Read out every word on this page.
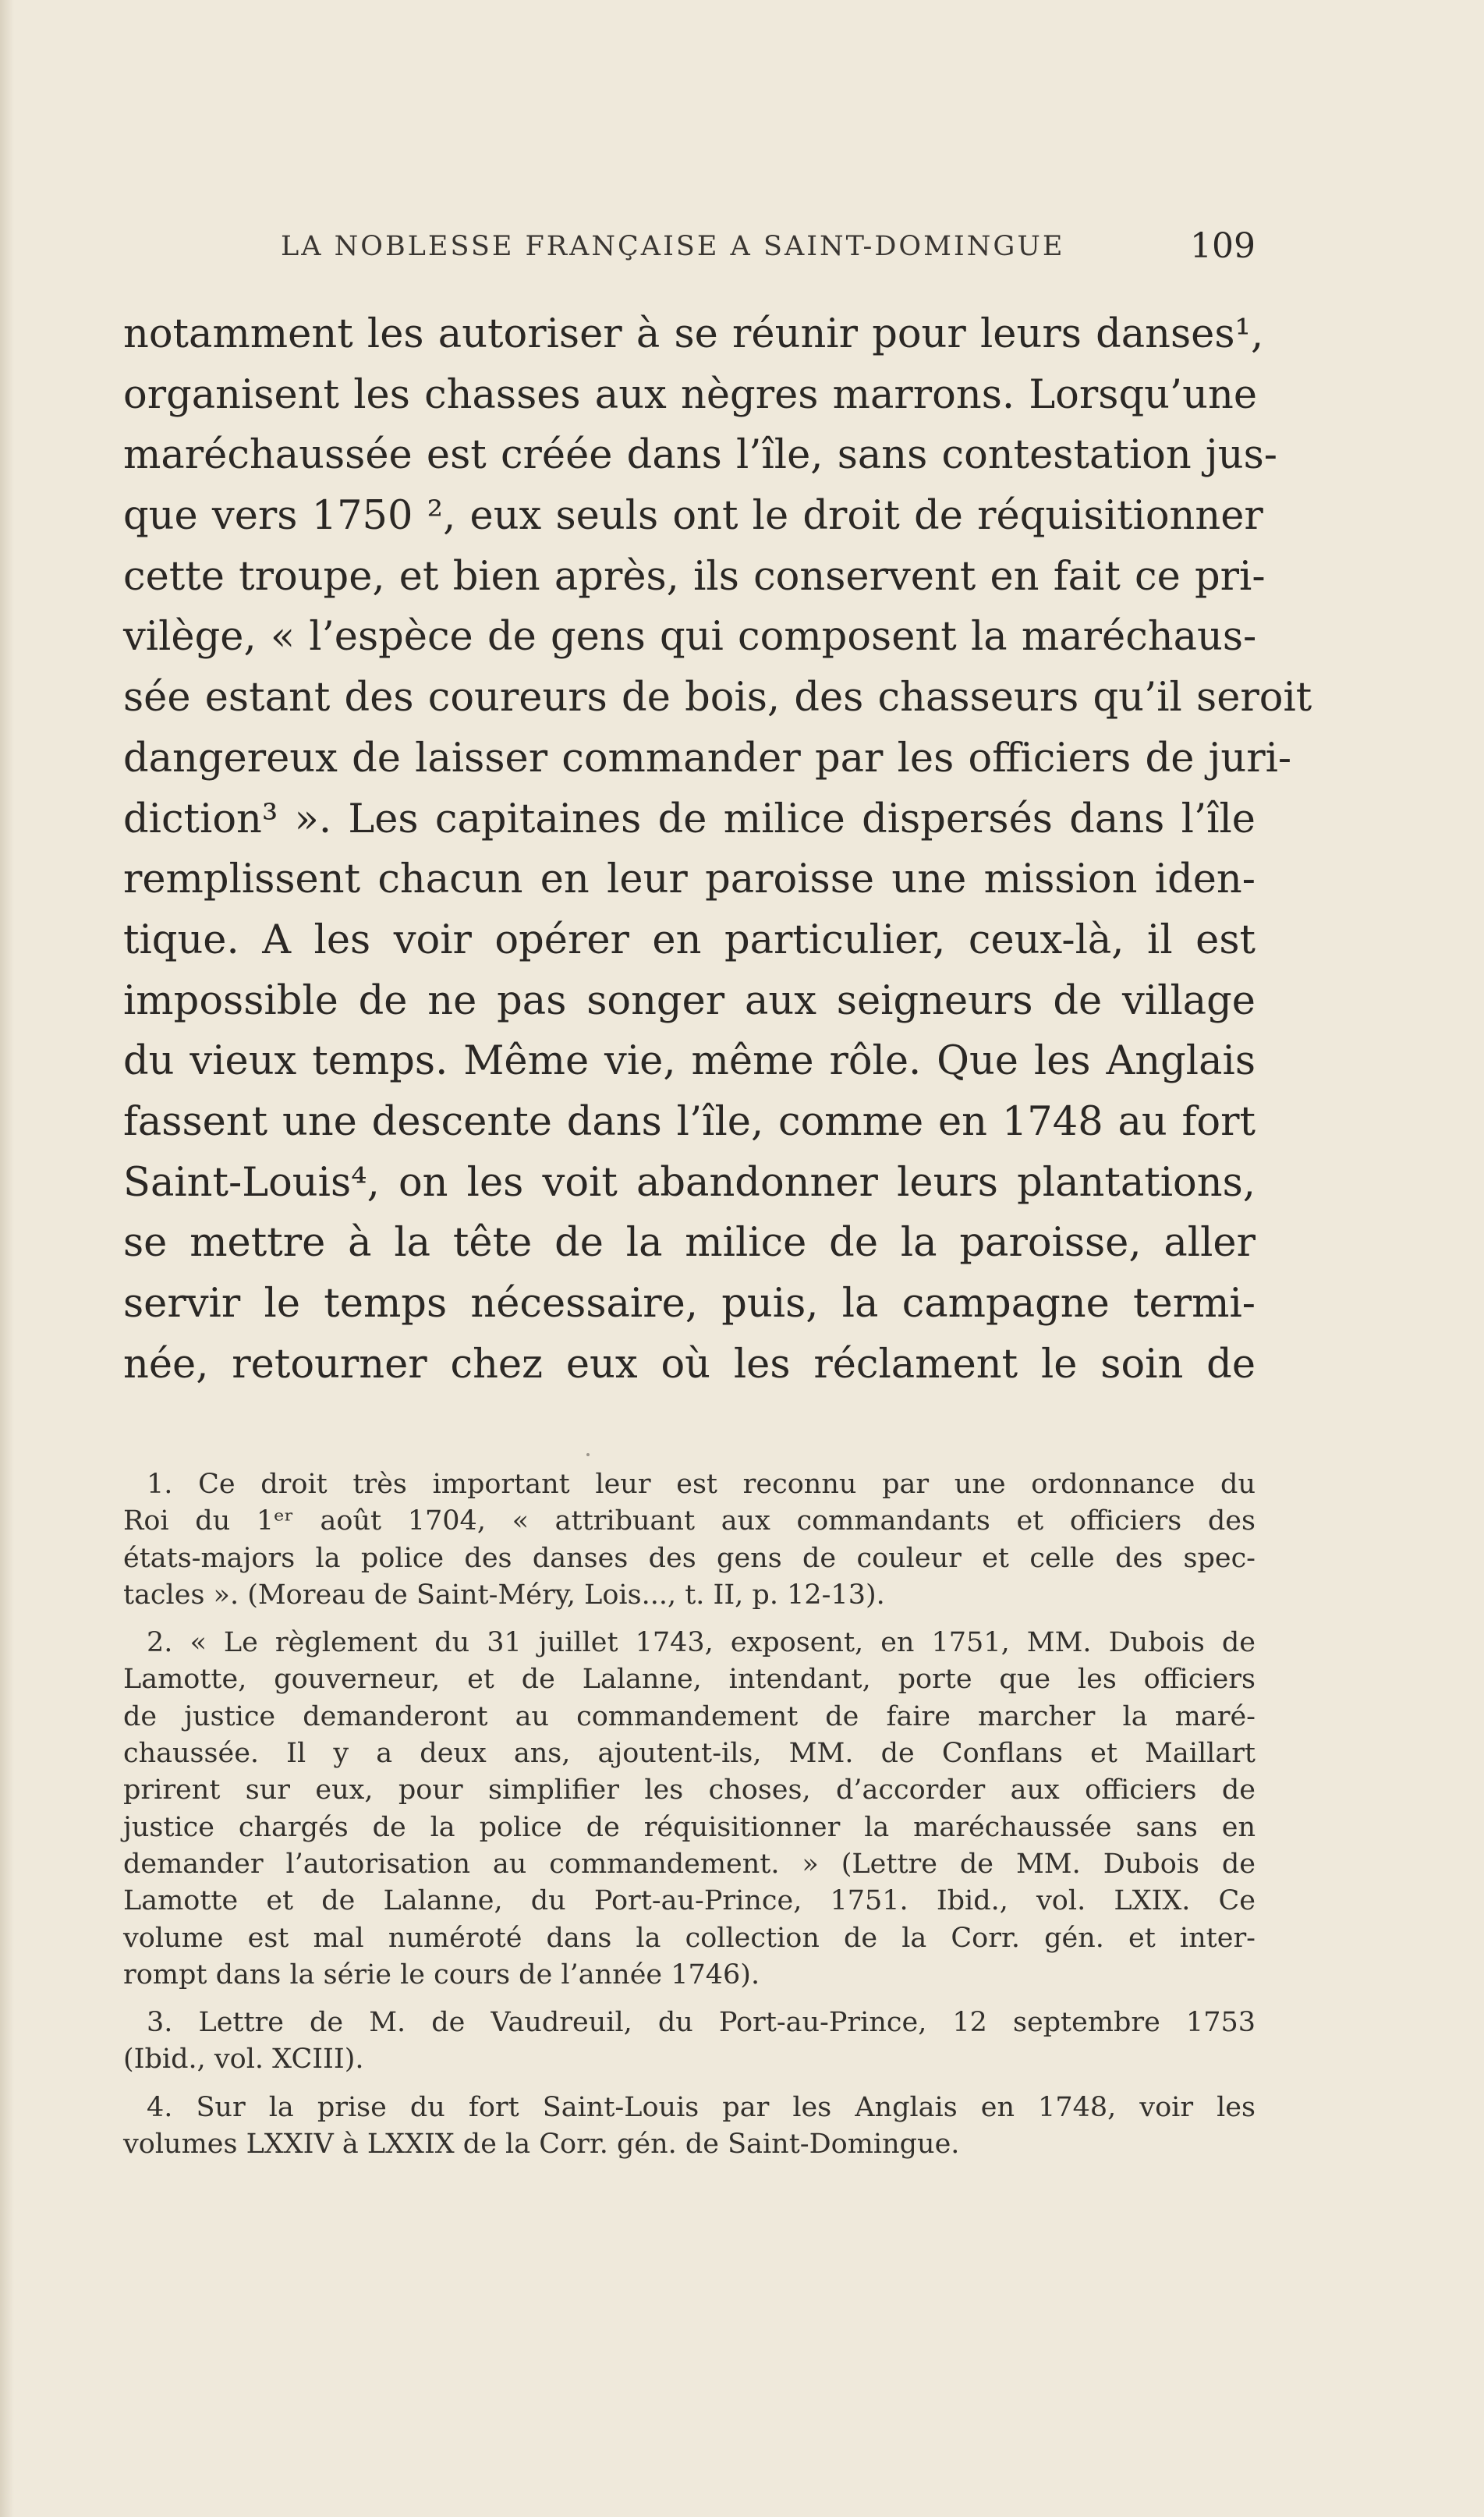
LA NOBLESSE FRANÇAISE A SAINT-DOMINGUE	109
notamment les autoriser à se réunir pour leurs danses¹,
organisent les chasses aux nègres marrons. Lorsqu’une
maréchaussée est créée dans l’île, sans contestation jus-
que vers 1750 ², eux seuls ont le droit de réquisitionner
cette troupe, et bien après, ils conservent en fait ce pri-
vilège, « l’espèce de gens qui composent la maréchaus-
sée estant des coureurs de bois, des chasseurs qu’il seroit
dangereux de laisser commander par les officiers de juri-
diction³ ». Les capitaines de milice dispersés dans l’île
remplissent chacun en leur paroisse une mission iden-
tique. A les voir opérer en particulier, ceux-là, il est
impossible de ne pas songer aux seigneurs de village
du vieux temps. Même vie, même rôle. Que les Anglais
fassent une descente dans l’île, comme en 1748 au fort
Saint-Louis⁴, on les voit abandonner leurs plantations,
se mettre à la tête de la milice de la paroisse, aller
servir le temps nécessaire, puis, la campagne termi-
née, retourner chez eux où les réclament le soin de
1. Ce droit très important leur est reconnu par une ordonnance du
Roi du 1ᵉʳ août 1704, « attribuant aux commandants et officiers des
états-majors la police des danses des gens de couleur et celle des spec-
tacles ». (Moreau de Saint-Méry, Lois..., t. II, p. 12-13).
2. « Le règlement du 31 juillet 1743, exposent, en 1751, MM. Dubois de
Lamotte, gouverneur, et de Lalanne, intendant, porte que les officiers
de justice demanderont au commandement de faire marcher la maré-
chaussée. Il y a deux ans, ajoutent-ils, MM. de Conflans et Maillart
prirent sur eux, pour simplifier les choses, d’accorder aux officiers de
justice chargés de la police de réquisitionner la maréchaussée sans en
demander l’autorisation au commandement. » (Lettre de MM. Dubois de
Lamotte et de Lalanne, du Port-au-Prince, 1751. Ibid., vol. LXIX. Ce
volume est mal numéroté dans la collection de la Corr. gén. et inter-
rompt dans la série le cours de l’année 1746).
3. Lettre de M. de Vaudreuil, du Port-au-Prince, 12 septembre 1753
(Ibid., vol. XCIII).
4. Sur la prise du fort Saint-Louis par les Anglais en 1748, voir les
volumes LXXIV à LXXIX de la Corr. gén. de Saint-Domingue.
